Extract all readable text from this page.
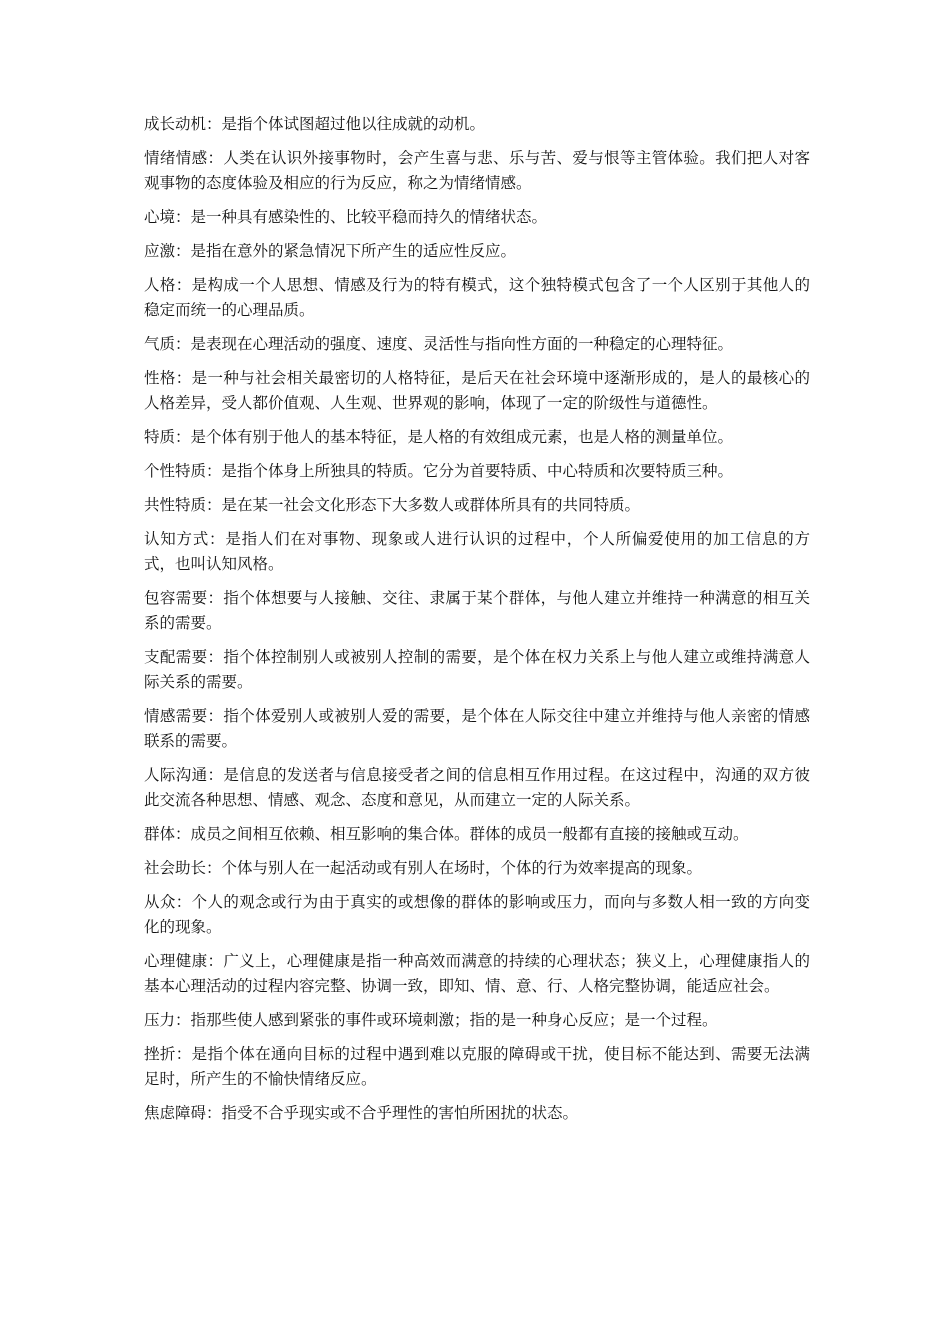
成长动机：是指个体试图超过他以往成就的动机。

情绪情感：人类在认识外接事物时，会产生喜与悲、乐与苦、爱与恨等主管体验。我们把人对客观事物的态度体验及相应的行为反应，称之为情绪情感。

心境：是一种具有感染性的、比较平稳而持久的情绪状态。

应激：是指在意外的紧急情况下所产生的适应性反应。

人格：是构成一个人思想、情感及行为的特有模式，这个独特模式包含了一个人区别于其他人的稳定而统一的心理品质。

气质：是表现在心理活动的强度、速度、灵活性与指向性方面的一种稳定的心理特征。

性格：是一种与社会相关最密切的人格特征，是后天在社会环境中逐渐形成的，是人的最核心的人格差异，受人都价值观、人生观、世界观的影响，体现了一定的阶级性与道德性。

特质：是个体有别于他人的基本特征，是人格的有效组成元素，也是人格的测量单位。

个性特质：是指个体身上所独具的特质。它分为首要特质、中心特质和次要特质三种。

共性特质：是在某一社会文化形态下大多数人或群体所具有的共同特质。

认知方式：是指人们在对事物、现象或人进行认识的过程中，个人所偏爱使用的加工信息的方式，也叫认知风格。

包容需要：指个体想要与人接触、交往、隶属于某个群体，与他人建立并维持一种满意的相互关系的需要。

支配需要：指个体控制别人或被别人控制的需要，是个体在权力关系上与他人建立或维持满意人际关系的需要。

情感需要：指个体爱别人或被别人爱的需要，是个体在人际交往中建立并维持与他人亲密的情感联系的需要。

人际沟通：是信息的发送者与信息接受者之间的信息相互作用过程。在这过程中，沟通的双方彼此交流各种思想、情感、观念、态度和意见，从而建立一定的人际关系。

群体：成员之间相互依赖、相互影响的集合体。群体的成员一般都有直接的接触或互动。

社会助长：个体与别人在一起活动或有别人在场时，个体的行为效率提高的现象。

从众：个人的观念或行为由于真实的或想像的群体的影响或压力，而向与多数人相一致的方向变化的现象。

心理健康：广义上，心理健康是指一种高效而满意的持续的心理状态；狭义上，心理健康指人的基本心理活动的过程内容完整、协调一致，即知、情、意、行、人格完整协调，能适应社会。

压力：指那些使人感到紧张的事件或环境刺激；指的是一种身心反应；是一个过程。

挫折：是指个体在通向目标的过程中遇到难以克服的障碍或干扰，使目标不能达到、需要无法满足时，所产生的不愉快情绪反应。

焦虑障碍：指受不合乎现实或不合乎理性的害怕所困扰的状态。
